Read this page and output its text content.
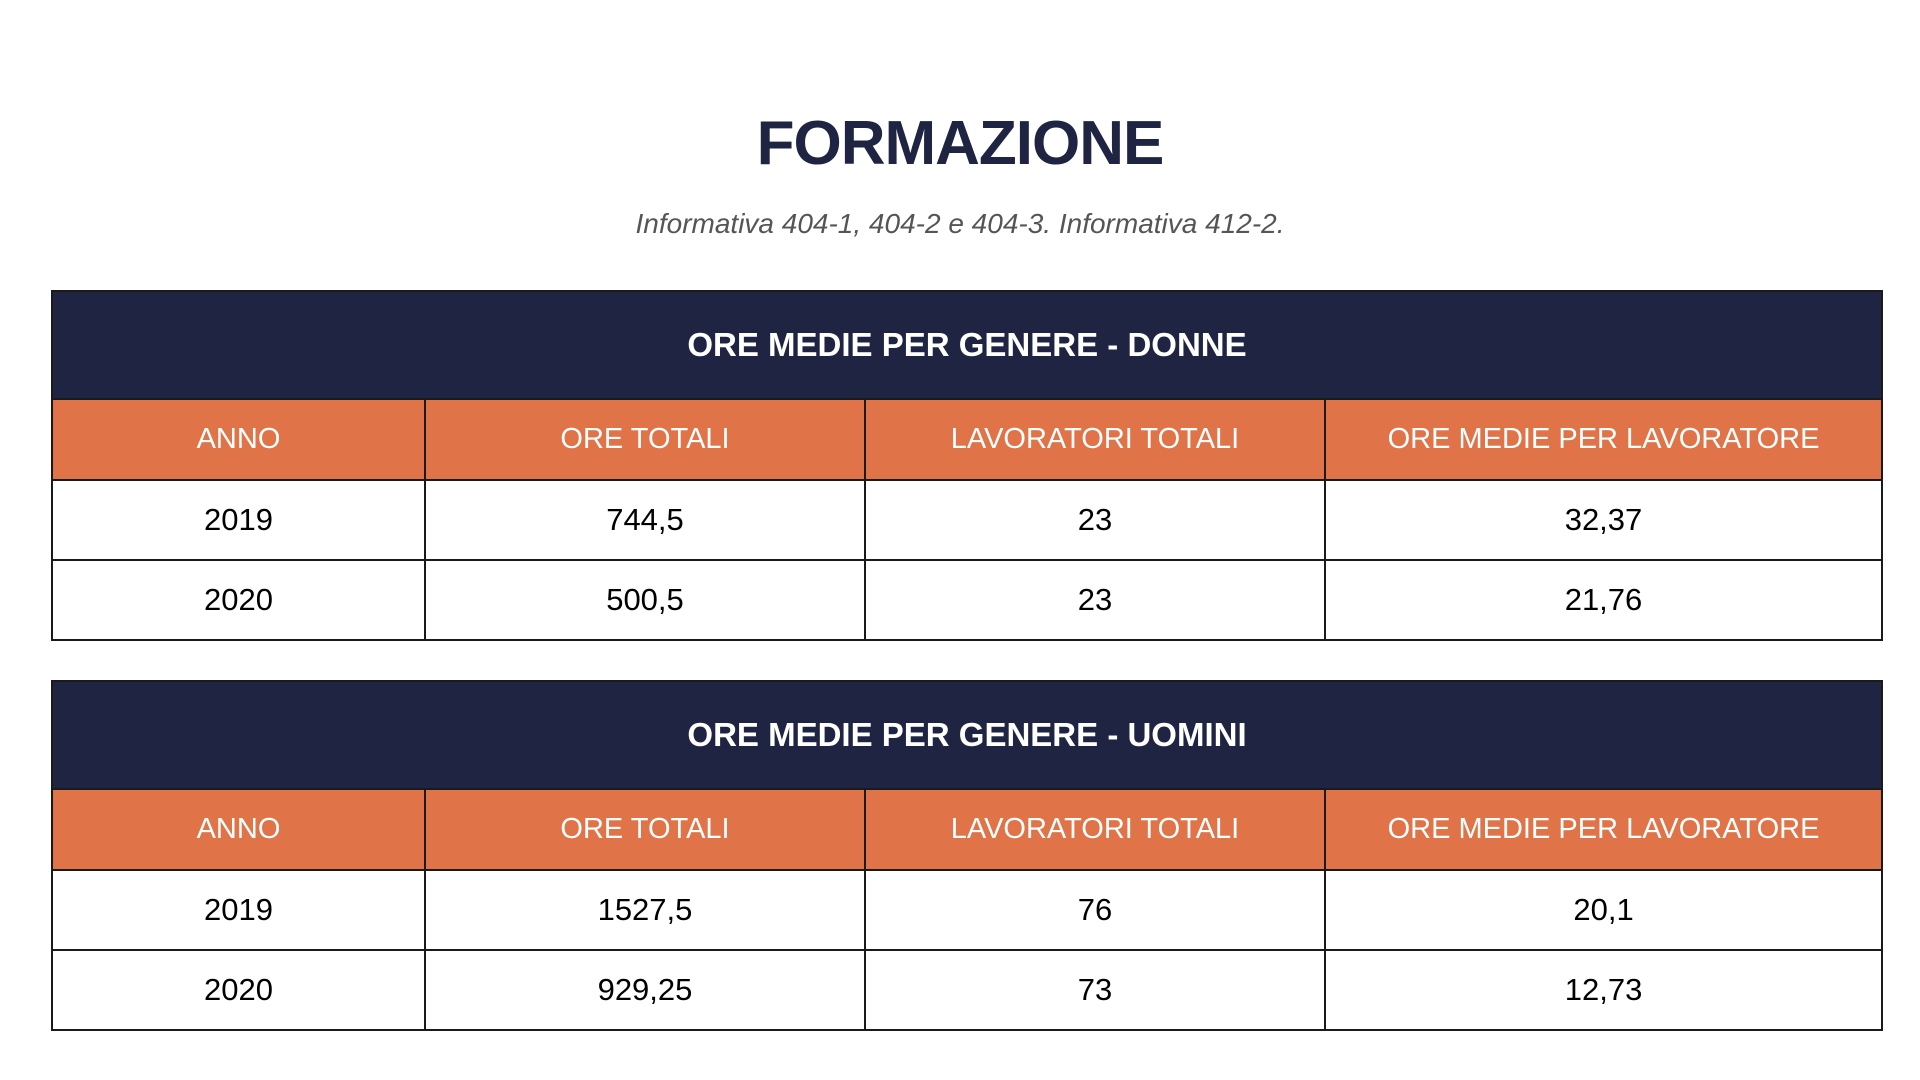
FORMAZIONE
Informativa 404-1, 404-2 e 404-3. Informativa 412-2.
ORE MEDIE PER GENERE - DONNE			
ANNO	ORE TOTALI	LAVORATORI TOTALI	ORE MEDIE PER LAVORATORE
2019	744,5	23	32,37
2020	500,5	23	21,76
ORE MEDIE PER GENERE - UOMINI			
ANNO	ORE TOTALI	LAVORATORI TOTALI	ORE MEDIE PER LAVORATORE
2019	1527,5	76	20,1
2020	929,25	73	12,73
